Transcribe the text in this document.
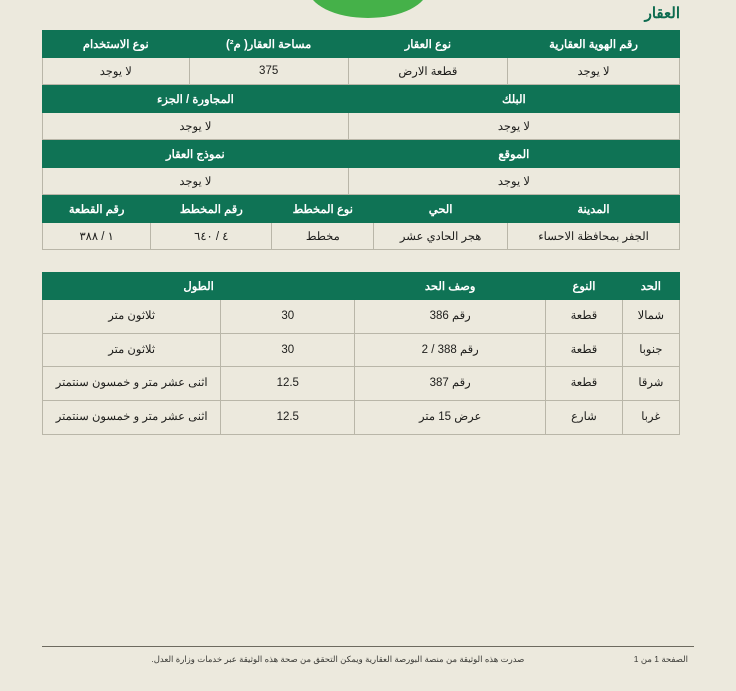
العقار
رقم الهوية العقارية	نوع العقار	مساحة العقار( م²)	نوع الاستخدام
لا يوجد	قطعة الارض	375	لا يوجد
البلك	المجاورة / الجزء
لا يوجد	لا يوجد
الموقع	نموذج العقار
لا يوجد	لا يوجد
المدينة	الحي	نوع المخطط	رقم المخطط	رقم القطعة
الجفر بمحافظة الاحساء	هجر الحادي عشر	مخطط	٤ / ٦٤٠	١ / ٣٨٨
الحد	النوع	وصف الحد	الطول	
شمالا	قطعة	رقم 386	30	ثلاثون متر
جنوبا	قطعة	رقم 388 / 2	30	ثلاثون متر
شرقا	قطعة	رقم 387	12.5	اثنى عشر متر و خمسون سنتمتر
غربا	شارع	عرض 15 متر	12.5	اثنى عشر متر و خمسون سنتمتر
الصفحة 1 من 1
صدرت هذه الوثيقة من منصة البورصة العقارية ويمكن التحقق من صحة هذه الوثيقة عبر خدمات وزارة العدل.
